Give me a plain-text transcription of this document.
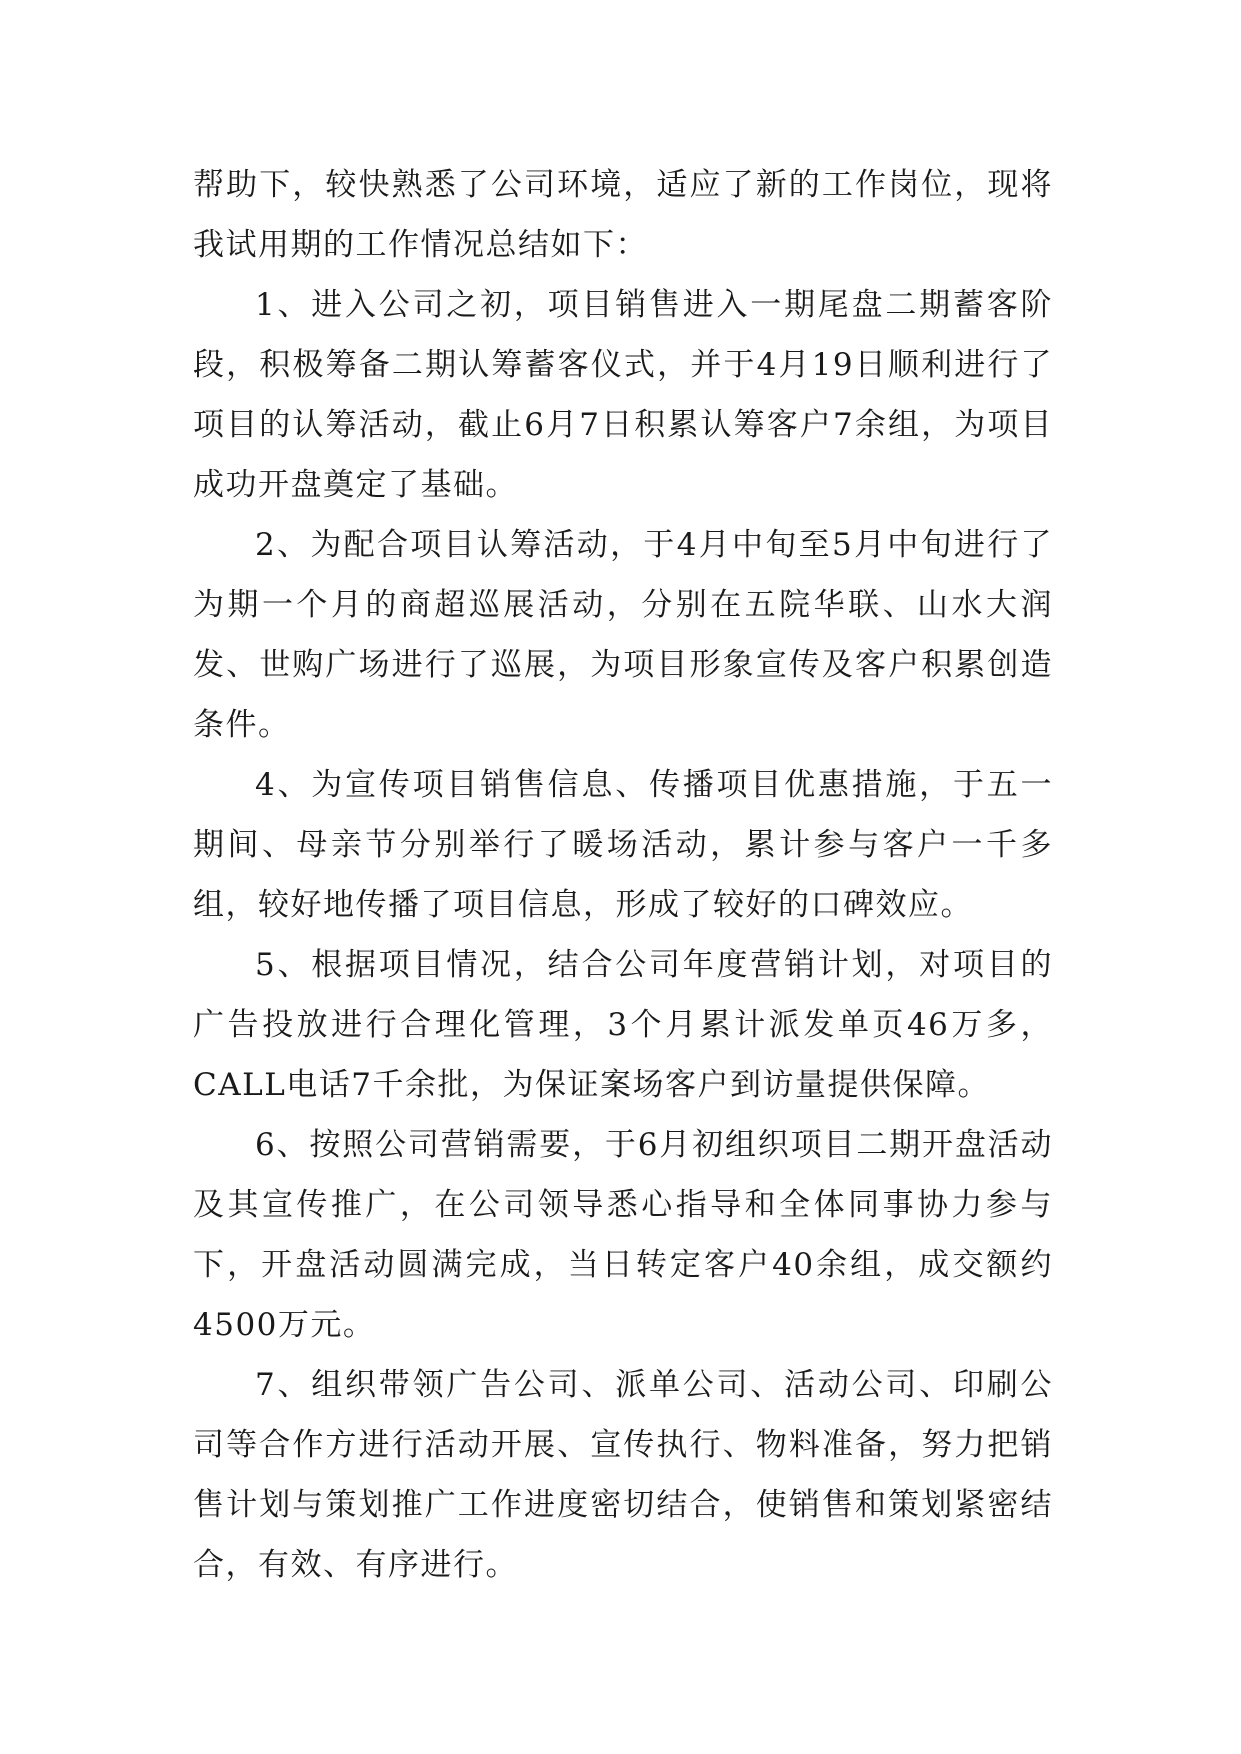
帮助下，较快熟悉了公司环境，适应了新的工作岗位，现将我试用期的工作情况总结如下：

1、进入公司之初，项目销售进入一期尾盘二期蓄客阶段，积极筹备二期认筹蓄客仪式，并于4月19日顺利进行了项目的认筹活动，截止6月7日积累认筹客户7余组，为项目成功开盘奠定了基础。

2、为配合项目认筹活动，于4月中旬至5月中旬进行了为期一个月的商超巡展活动，分别在五院华联、山水大润发、世购广场进行了巡展，为项目形象宣传及客户积累创造条件。

4、为宣传项目销售信息、传播项目优惠措施，于五一期间、母亲节分别举行了暖场活动，累计参与客户一千多组，较好地传播了项目信息，形成了较好的口碑效应。

5、根据项目情况，结合公司年度营销计划，对项目的广告投放进行合理化管理，3个月累计派发单页46万多，CALL电话7千余批，为保证案场客户到访量提供保障。

6、按照公司营销需要，于6月初组织项目二期开盘活动及其宣传推广，在公司领导悉心指导和全体同事协力参与下，开盘活动圆满完成，当日转定客户40余组，成交额约4500万元。

7、组织带领广告公司、派单公司、活动公司、印刷公司等合作方进行活动开展、宣传执行、物料准备，努力把销售计划与策划推广工作进度密切结合，使销售和策划紧密结合，有效、有序进行。
